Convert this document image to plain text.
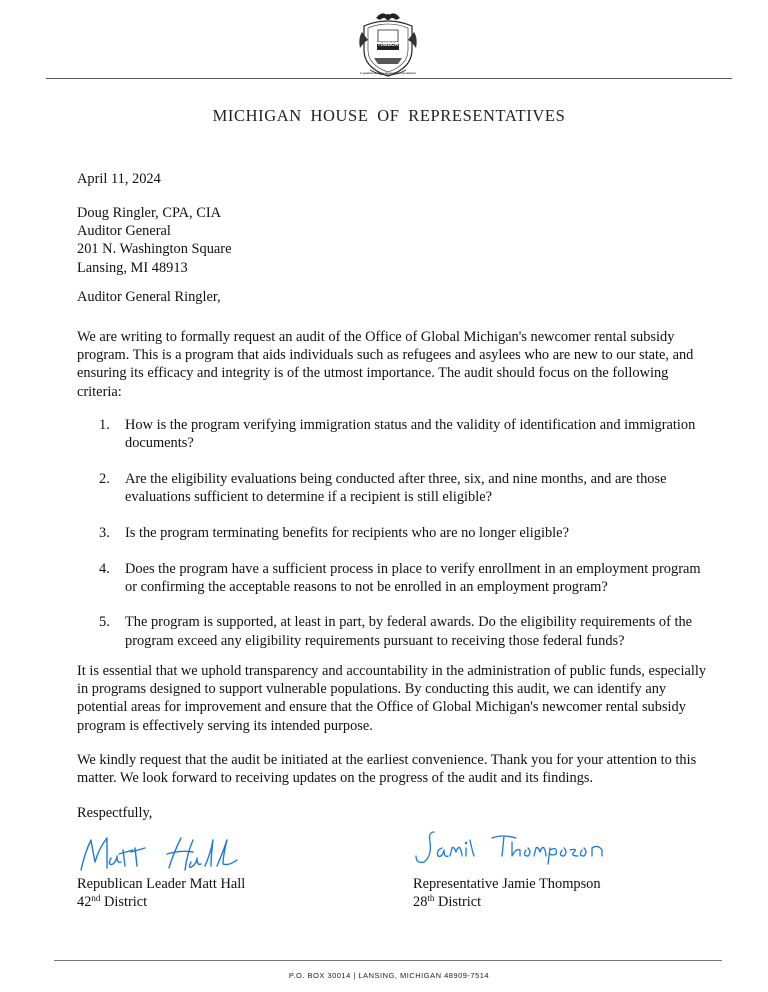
TUEBOR
SI QUAERIS PENINSULAM AMOENAM CIRCUMSPICE
MICHIGAN HOUSE OF REPRESENTATIVES

April 11, 2024

Doug Ringler, CPA, CIA
Auditor General
201 N. Washington Square
Lansing, MI 48913

Auditor General Ringler,

We are writing to formally request an audit of the Office of Global Michigan's newcomer rental subsidy program. This is a program that aids individuals such as refugees and asylees who are new to our state, and ensuring its efficacy and integrity is of the utmost importance. The audit should focus on the following criteria:

1. How is the program verifying immigration status and the validity of identification and immigration documents?
2. Are the eligibility evaluations being conducted after three, six, and nine months, and are those evaluations sufficient to determine if a recipient is still eligible?
3. Is the program terminating benefits for recipients who are no longer eligible?
4. Does the program have a sufficient process in place to verify enrollment in an employment program or confirming the acceptable reasons to not be enrolled in an employment program?
5. The program is supported, at least in part, by federal awards. Do the eligibility requirements of the program exceed any eligibility requirements pursuant to receiving those federal funds?

It is essential that we uphold transparency and accountability in the administration of public funds, especially in programs designed to support vulnerable populations. By conducting this audit, we can identify any potential areas for improvement and ensure that the Office of Global Michigan's newcomer rental subsidy program is effectively serving its intended purpose.

We kindly request that the audit be initiated at the earliest convenience. Thank you for your attention to this matter. We look forward to receiving updates on the progress of the audit and its findings.

Respectfully,

Republican Leader Matt Hall
42nd District
Representative Jamie Thompson
28th District
P.O. BOX 30014 | LANSING, MICHIGAN 48909-7514
